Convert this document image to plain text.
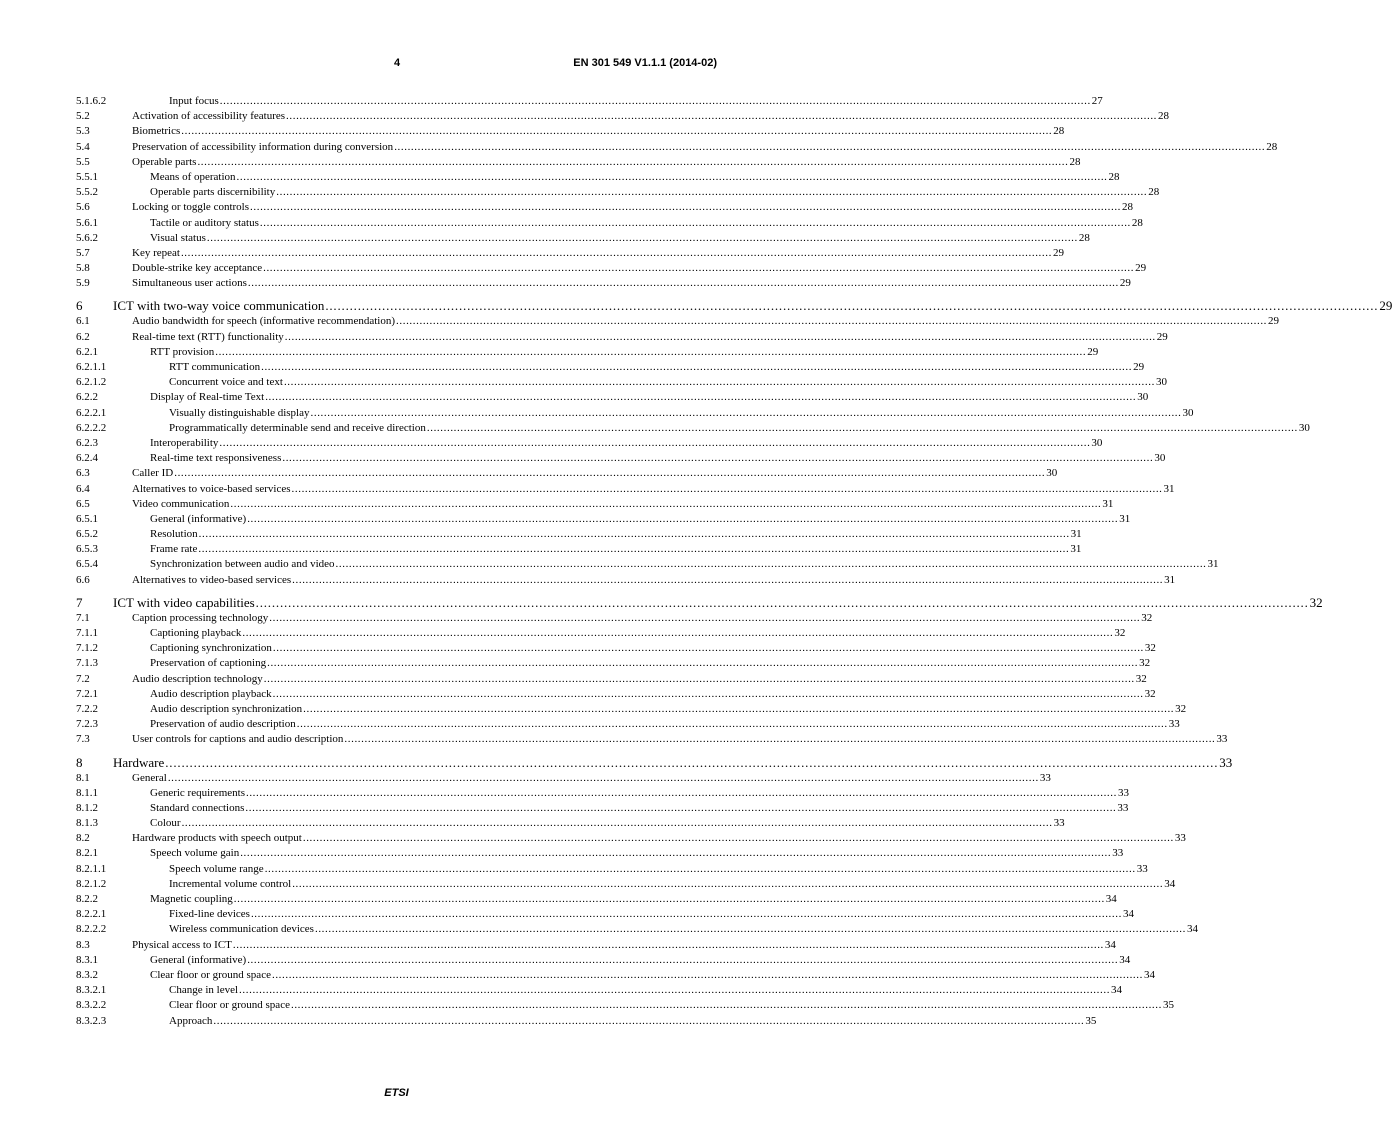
4	EN 301 549 V1.1.1 (2014-02)
5.1.6.2	Input focus .................................................................................................................................................................................................................................................................... 27
5.2	Activation of accessibility features .................................................................................................................................................................................................................................................................... 28
5.3	Biometrics .................................................................................................................................................................................................................................................................... 28
5.4	Preservation of accessibility information during conversion .................................................................................................................................................................................................................................................................... 28
5.5	Operable parts .................................................................................................................................................................................................................................................................... 28
5.5.1	Means of operation .................................................................................................................................................................................................................................................................... 28
5.5.2	Operable parts discernibility .................................................................................................................................................................................................................................................................... 28
5.6	Locking or toggle controls .................................................................................................................................................................................................................................................................... 28
5.6.1	Tactile or auditory status .................................................................................................................................................................................................................................................................... 28
5.6.2	Visual status .................................................................................................................................................................................................................................................................... 28
5.7	Key repeat .................................................................................................................................................................................................................................................................... 29
5.8	Double-strike key acceptance .................................................................................................................................................................................................................................................................... 29
5.9	Simultaneous user actions .................................................................................................................................................................................................................................................................... 29
6 ICT with two-way voice communication .................................................................................................................................................................................................................................................................... 29
6.1	Audio bandwidth for speech (informative recommendation) .................................................................................................................................................................................................................................................................... 29
6.2	Real-time text (RTT) functionality .................................................................................................................................................................................................................................................................... 29
6.2.1	RTT provision .................................................................................................................................................................................................................................................................... 29
6.2.1.1	RTT communication .................................................................................................................................................................................................................................................................... 29
6.2.1.2	Concurrent voice and text .................................................................................................................................................................................................................................................................... 30
6.2.2	Display of Real-time Text .................................................................................................................................................................................................................................................................... 30
6.2.2.1	Visually distinguishable display .................................................................................................................................................................................................................................................................... 30
6.2.2.2	Programmatically determinable send and receive direction .................................................................................................................................................................................................................................................................... 30
6.2.3	Interoperability .................................................................................................................................................................................................................................................................... 30
6.2.4	Real-time text responsiveness .................................................................................................................................................................................................................................................................... 30
6.3	Caller ID .................................................................................................................................................................................................................................................................... 30
6.4	Alternatives to voice-based services .................................................................................................................................................................................................................................................................... 31
6.5	Video communication .................................................................................................................................................................................................................................................................... 31
6.5.1	General (informative) .................................................................................................................................................................................................................................................................... 31
6.5.2	Resolution .................................................................................................................................................................................................................................................................... 31
6.5.3	Frame rate .................................................................................................................................................................................................................................................................... 31
6.5.4	Synchronization between audio and video .................................................................................................................................................................................................................................................................... 31
6.6	Alternatives to video-based services .................................................................................................................................................................................................................................................................... 31
7 ICT with video capabilities .................................................................................................................................................................................................................................................................... 32
7.1	Caption processing technology .................................................................................................................................................................................................................................................................... 32
7.1.1	Captioning playback .................................................................................................................................................................................................................................................................... 32
7.1.2	Captioning synchronization .................................................................................................................................................................................................................................................................... 32
7.1.3	Preservation of captioning .................................................................................................................................................................................................................................................................... 32
7.2	Audio description technology .................................................................................................................................................................................................................................................................... 32
7.2.1	Audio description playback .................................................................................................................................................................................................................................................................... 32
7.2.2	Audio description synchronization .................................................................................................................................................................................................................................................................... 32
7.2.3	Preservation of audio description .................................................................................................................................................................................................................................................................... 33
7.3	User controls for captions and audio description .................................................................................................................................................................................................................................................................... 33
8 Hardware .................................................................................................................................................................................................................................................................... 33
8.1	General .................................................................................................................................................................................................................................................................... 33
8.1.1	Generic requirements .................................................................................................................................................................................................................................................................... 33
8.1.2	Standard connections .................................................................................................................................................................................................................................................................... 33
8.1.3	Colour .................................................................................................................................................................................................................................................................... 33
8.2	Hardware products with speech output .................................................................................................................................................................................................................................................................... 33
8.2.1	Speech volume gain .................................................................................................................................................................................................................................................................... 33
8.2.1.1	Speech volume range .................................................................................................................................................................................................................................................................... 33
8.2.1.2	Incremental volume control .................................................................................................................................................................................................................................................................... 34
8.2.2	Magnetic coupling .................................................................................................................................................................................................................................................................... 34
8.2.2.1	Fixed-line devices .................................................................................................................................................................................................................................................................... 34
8.2.2.2	Wireless communication devices .................................................................................................................................................................................................................................................................... 34
8.3	Physical access to ICT .................................................................................................................................................................................................................................................................... 34
8.3.1	General (informative) .................................................................................................................................................................................................................................................................... 34
8.3.2	Clear floor or ground space .................................................................................................................................................................................................................................................................... 34
8.3.2.1	Change in level .................................................................................................................................................................................................................................................................... 34
8.3.2.2	Clear floor or ground space .................................................................................................................................................................................................................................................................... 35
8.3.2.3	Approach .................................................................................................................................................................................................................................................................... 35
ETSI
